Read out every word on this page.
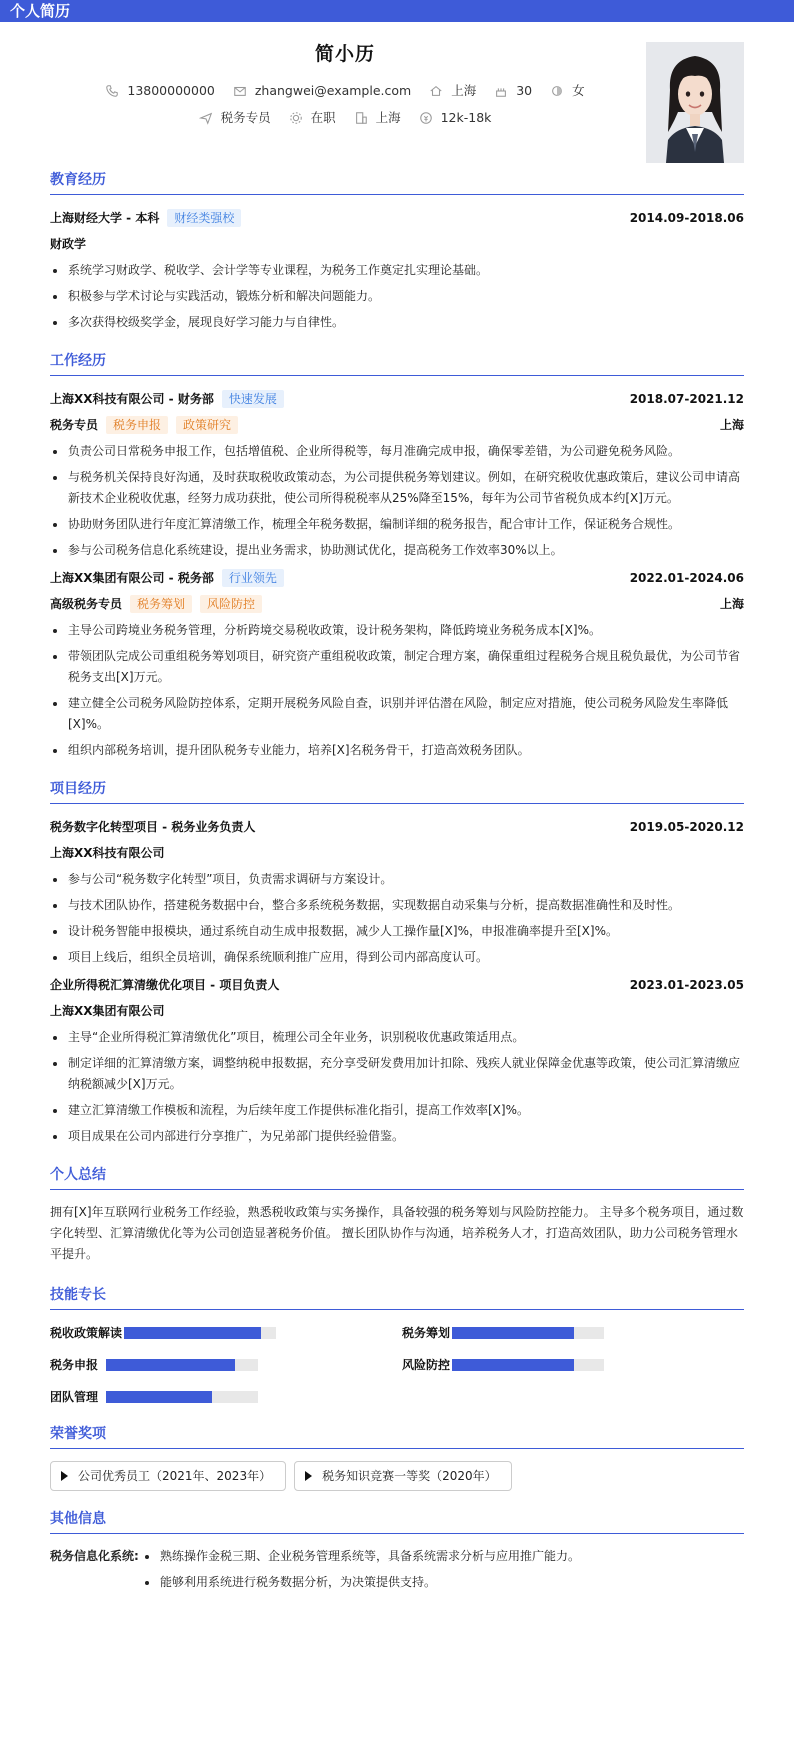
个人简历
简小历
13800000000
	zhangwei@example.com
	上海
	30
	女
税务专员
	在职
	上海
	12k-18k
教育经历
上海财经大学 - 本科 财经类强校	2014.09-2018.06
财政学
系统学习财政学、税收学、会计学等专业课程，为税务工作奠定扎实理论基础。
积极参与学术讨论与实践活动，锻炼分析和解决问题能力。
多次获得校级奖学金，展现良好学习能力与自律性。
工作经历
上海XX科技有限公司 - 财务部 快速发展	2018.07-2021.12
税务专员 税务申报 政策研究	上海
负责公司日常税务申报工作，包括增值税、企业所得税等，每月准确完成申报，确保零差错，为公司避免税务风险。
与税务机关保持良好沟通，及时获取税收政策动态，为公司提供税务筹划建议。例如，在研究税收优惠政策后，建议公司申请高新技术企业税收优惠，经努力成功获批，使公司所得税税率从25%降至15%，每年为公司节省税负成本约[X]万元。
协助财务团队进行年度汇算清缴工作，梳理全年税务数据，编制详细的税务报告，配合审计工作，保证税务合规性。
参与公司税务信息化系统建设，提出业务需求，协助测试优化，提高税务工作效率30%以上。
上海XX集团有限公司 - 税务部 行业领先	2022.01-2024.06
高级税务专员 税务筹划 风险防控	上海
主导公司跨境业务税务管理，分析跨境交易税收政策，设计税务架构，降低跨境业务税务成本[X]%。
带领团队完成公司重组税务筹划项目，研究资产重组税收政策，制定合理方案，确保重组过程税务合规且税负最优，为公司节省税务支出[X]万元。
建立健全公司税务风险防控体系，定期开展税务风险自查，识别并评估潜在风险，制定应对措施，使公司税务风险发生率降低[X]%。
组织内部税务培训，提升团队税务专业能力，培养[X]名税务骨干，打造高效税务团队。
项目经历
税务数字化转型项目 - 税务业务负责人	2019.05-2020.12
上海XX科技有限公司
参与公司“税务数字化转型”项目，负责需求调研与方案设计。
与技术团队协作，搭建税务数据中台，整合多系统税务数据，实现数据自动采集与分析，提高数据准确性和及时性。
设计税务智能申报模块，通过系统自动生成申报数据，减少人工操作量[X]%，申报准确率提升至[X]%。
项目上线后，组织全员培训，确保系统顺利推广应用，得到公司内部高度认可。
企业所得税汇算清缴优化项目 - 项目负责人	2023.01-2023.05
上海XX集团有限公司
主导“企业所得税汇算清缴优化”项目，梳理公司全年业务，识别税收优惠政策适用点。
制定详细的汇算清缴方案，调整纳税申报数据，充分享受研发费用加计扣除、残疾人就业保障金优惠等政策，使公司汇算清缴应纳税额减少[X]万元。
建立汇算清缴工作模板和流程，为后续年度工作提供标准化指引，提高工作效率[X]%。
项目成果在公司内部进行分享推广，为兄弟部门提供经验借鉴。
个人总结
拥有[X]年互联网行业税务工作经验，熟悉税收政策与实务操作，具备较强的税务筹划与风险防控能力。 主导多个税务项目，通过数字化转型、汇算清缴优化等为公司创造显著税务价值。 擅长团队协作与沟通，培养税务人才，打造高效团队，助力公司税务管理水平提升。
技能专长
税收政策解读	税务筹划
税务申报	风险防控
团队管理
荣誉奖项
公司优秀员工（2021年、2023年）	税务知识竞赛一等奖（2020年）
其他信息
税务信息化系统:	熟练操作金税三期、企业税务管理系统等，具备系统需求分析与应用推广能力。
能够利用系统进行税务数据分析，为决策提供支持。
